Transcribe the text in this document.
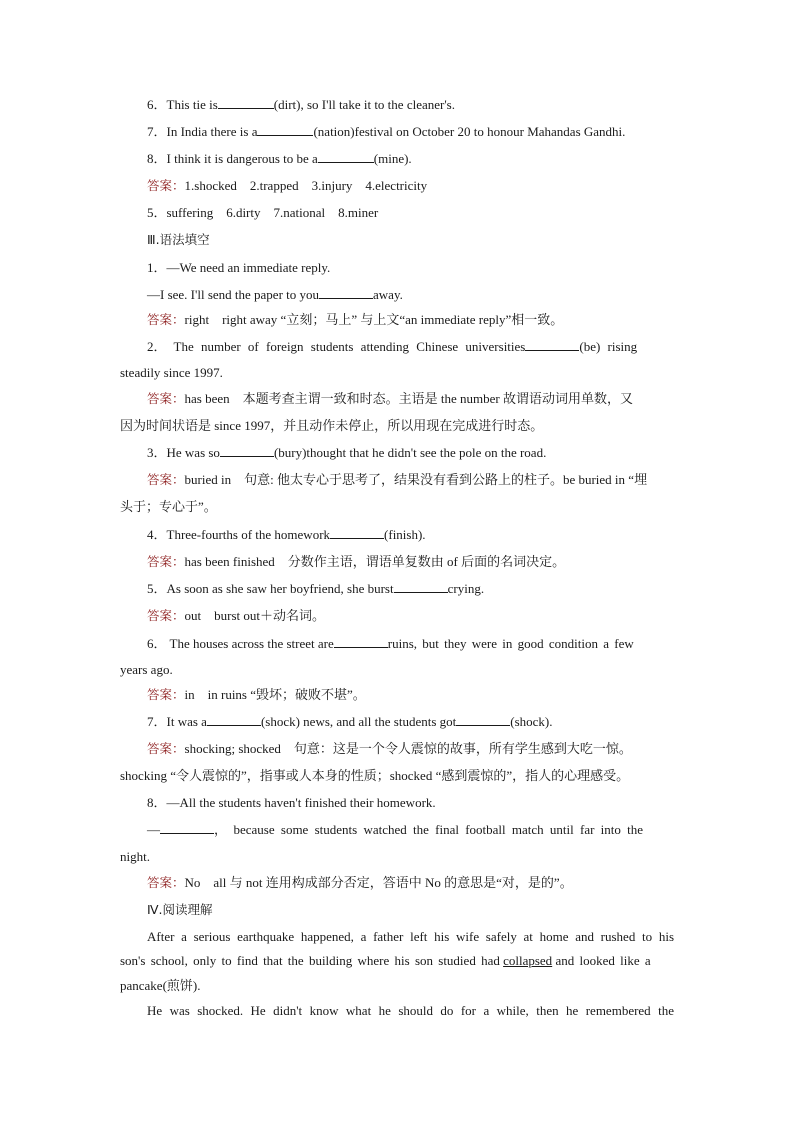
6．This tie is	(dirt), so I'll take it to the cleaner's.
7．In India there is a	(nation)festival on October 20 to honour Mahandas Gandhi.
8．I think it is dangerous to be a	(mine).
答案：1.shocked　2.trapped　3.injury　4.electricity
5．suffering　6.dirty　7.national　8.miner
Ⅲ.语法填空
1．—We need an immediate reply.
—I see. I'll send the paper to you	away.
答案：right　right away “立刻；马上” 与上文“an immediate reply”相一致。
2． The number of foreign students attending Chinese universities	(be) rising
steadily since 1997.
答案：has been　本题考查主谓一致和时态。主语是 the number 故谓语动词用单数，又
因为时间状语是 since 1997，并且动作未停止，所以用现在完成进行时态。
3．He was so	(bury)thought that he didn't see the pole on the road.
答案：buried in　句意: 他太专心于思考了，结果没有看到公路上的柱子。be buried in “埋
头于；专心于”。
4．Three-fourths of the homework	(finish).
答案：has been finished　分数作主语，谓语单复数由 of 后面的名词决定。
5．As soon as she saw her boyfriend, she burst	crying.
答案：out　burst out＋动名词。
6． The houses across the street are	ruins, but they were in good condition a few
years ago.
答案：in　in ruins “毁坏；破败不堪”。
7．It was a	(shock) news, and all the students got	(shock).
答案：shocking; shocked　句意：这是一个令人震惊的故事，所有学生感到大吃一惊。
shocking “令人震惊的”，指事或人本身的性质；shocked “感到震惊的”，指人的心理感受。
8．—All the students haven't finished their homework.
—	，　because some students watched the final football match until far into the
night.
答案：No　all 与 not 连用构成部分否定，答语中 No 的意思是“对，是的”。
Ⅳ.阅读理解
After a serious earthquake happened, a father left his wife safely at home and rushed to his
son's school, only to find that the building where his son studied had collapsed and looked like a
pancake(煎饼).
He was shocked. He didn't know what he should do for a while, then he remembered the
